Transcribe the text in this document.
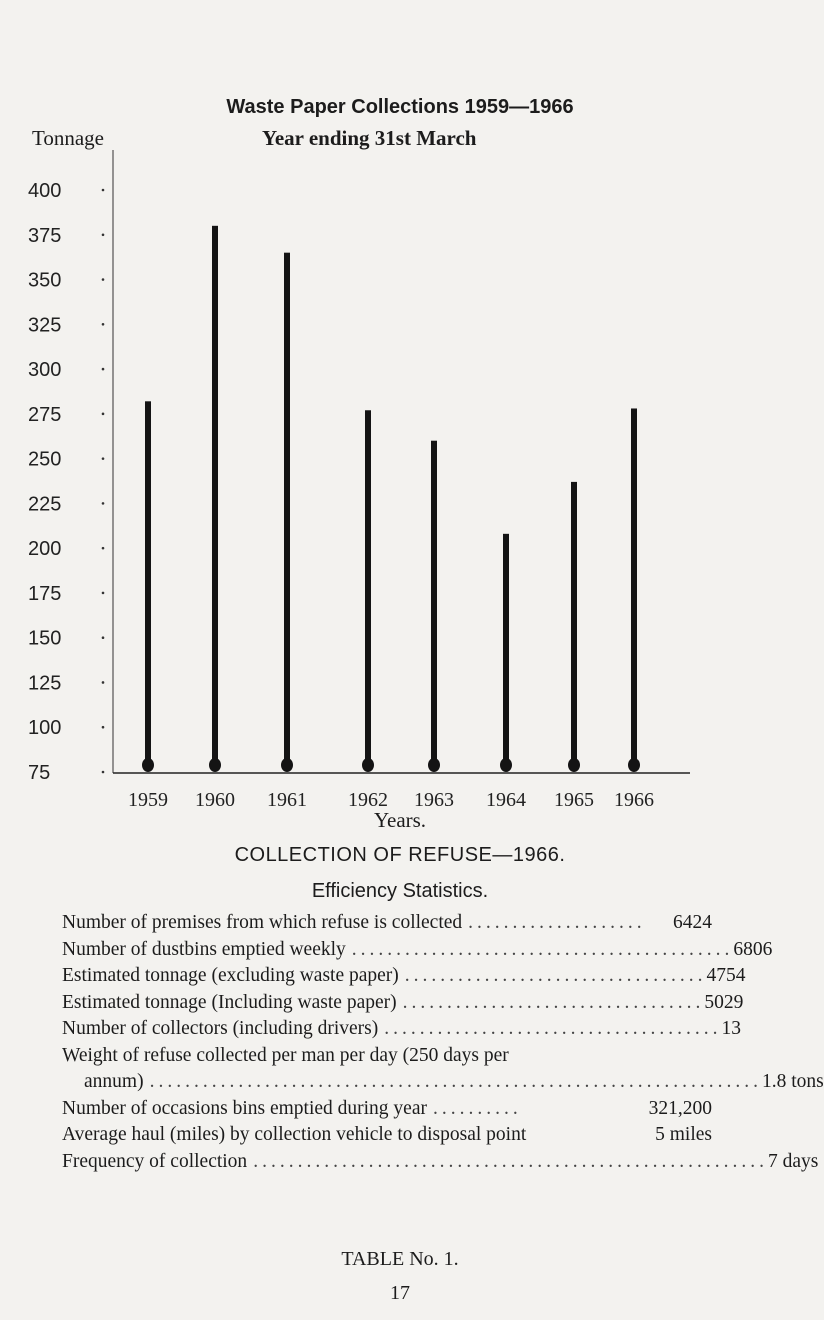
Waste Paper Collections 1959—1966
Tonnage	Year ending 31st March
400
375
350
325
300
275
250
225
200
175
150
125
100
75
1959 1960 1961 1962 1963 1964 1965 1966
Years.
COLLECTION OF REFUSE—1966.
Efficiency Statistics.
Number of premises from which refuse is collected ....................	6424
Number of dustbins emptied weekly ........................................... 6806
Estimated tonnage (excluding waste paper) .................................. 4754
Estimated tonnage (Including waste paper) .................................. 5029
Number of collectors (including drivers) ...................................... 13
Weight of refuse collected per man per day (250 days per
annum) ..................................................................... 1.8 tons
Number of occasions bins emptied during year ..........	321,200
Average haul (miles) by collection vehicle to disposal point	5 miles
Frequency of collection .......................................................... 7 days
TABLE No. 1.
17
